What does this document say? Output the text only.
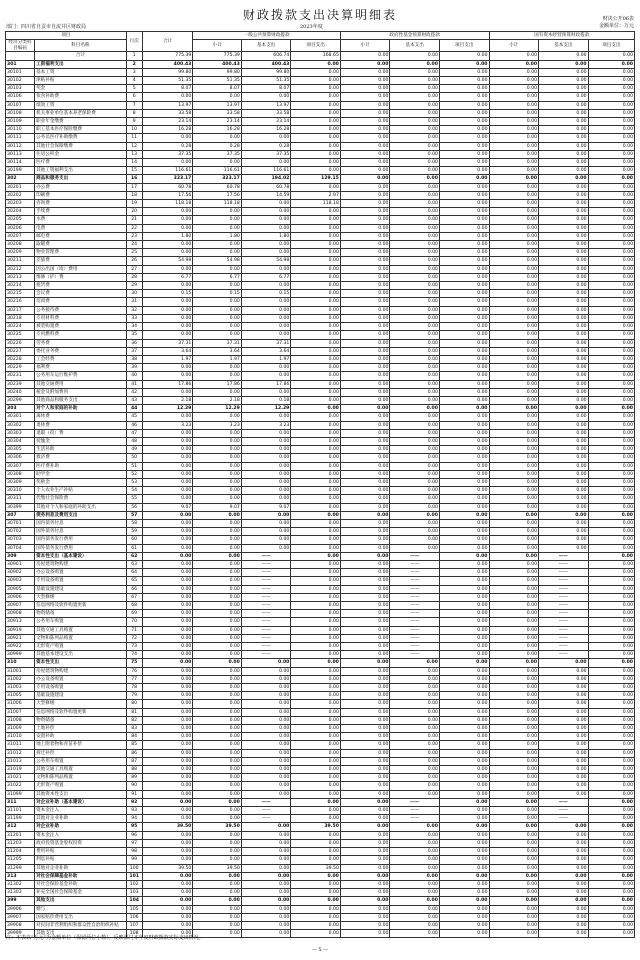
财政拨款支出决算明细表	财决公开06表
金额单位：万元
部门：四川省自贡市自流井区财政局	2023年度
项目		行次	合计	一般公共预算财政拨款			政府性基金预算财政拨款			国有资本经营预算财政拨款		
经济分类科目编码	科目名称			小计	基本支出	项目支出	小计	基本支出	项目支出	小计	基本支出	项目支出

	合计	1	775.39	775.39	606.74	168.65	0.00	0.00	0.00	0.00	0.00	0.00
301	工资福利支出	2	400.43	400.43	400.43	0.00	0.00	0.00	0.00	0.00	0.00	0.00
30101	基本工资	3	99.80	99.80	99.80	0.00	0.00	0.00	0.00	0.00	0.00	0.00
30102	津贴补贴	4	51.35	51.35	51.35	0.00	0.00	0.00	0.00	0.00	0.00	0.00
30103	奖金	5	8.07	8.07	8.07	0.00	0.00	0.00	0.00	0.00	0.00	0.00
30106	伙食补助费	6	0.00	0.00	0.00	0.00	0.00	0.00	0.00	0.00	0.00	0.00
30107	绩效工资	7	13.97	13.97	13.97	0.00	0.00	0.00	0.00	0.00	0.00	0.00
30108	机关事业单位基本养老保险费	8	33.58	33.58	33.58	0.00	0.00	0.00	0.00	0.00	0.00	0.00
30109	职业年金缴费	9	23.14	23.14	23.14	0.00	0.00	0.00	0.00	0.00	0.00	0.00
30110	职工基本医疗保险缴费	10	16.28	16.28	16.28	0.00	0.00	0.00	0.00	0.00	0.00	0.00
30111	公务员医疗补助缴费	11	0.00	0.00	0.00	0.00	0.00	0.00	0.00	0.00	0.00	0.00
30112	其他社会保障缴费	12	0.28	0.28	0.28	0.00	0.00	0.00	0.00	0.00	0.00	0.00
30113	住房公积金	13	37.35	37.35	37.35	0.00	0.00	0.00	0.00	0.00	0.00	0.00
30114	医疗费	14	0.00	0.00	0.00	0.00	0.00	0.00	0.00	0.00	0.00	0.00
30199	其他工资福利支出	15	116.61	116.61	116.61	0.00	0.00	0.00	0.00	0.00	0.00	0.00
302	商品和服务支出	16	323.17	323.17	194.02	129.15	0.00	0.00	0.00	0.00	0.00	0.00
30201	办公费	17	60.78	60.78	60.78	0.00	0.00	0.00	0.00	0.00	0.00	0.00
30202	印刷费	18	17.56	17.56	14.59	2.97	0.00	0.00	0.00	0.00	0.00	0.00
30203	咨询费	19	118.18	118.18	0.00	118.18	0.00	0.00	0.00	0.00	0.00	0.00
30204	手续费	20	0.00	0.00	0.00	0.00	0.00	0.00	0.00	0.00	0.00	0.00
30205	水费	21	0.00	0.00	0.00	0.00	0.00	0.00	0.00	0.00	0.00	0.00
30206	电费	22	0.00	0.00	0.00	0.00	0.00	0.00	0.00	0.00	0.00	0.00
30207	邮电费	23	1.80	1.80	1.80	0.00	0.00	0.00	0.00	0.00	0.00	0.00
30208	取暖费	24	0.00	0.00	0.00	0.00	0.00	0.00	0.00	0.00	0.00	0.00
30209	物业管理费	25	0.00	0.00	0.00	0.00	0.00	0.00	0.00	0.00	0.00	0.00
30211	差旅费	26	54.98	54.98	54.98	0.00	0.00	0.00	0.00	0.00	0.00	0.00
30212	因公出国（境）费用	27	0.00	0.00	0.00	0.00	0.00	0.00	0.00	0.00	0.00	0.00
30213	维修（护）费	28	6.77	6.77	6.77	0.00	0.00	0.00	0.00	0.00	0.00	0.00
30214	租赁费	29	0.00	0.00	0.00	0.00	0.00	0.00	0.00	0.00	0.00	0.00
30215	会议费	30	0.15	0.15	0.15	0.00	0.00	0.00	0.00	0.00	0.00	0.00
30216	培训费	31	0.00	0.00	0.00	0.00	0.00	0.00	0.00	0.00	0.00	0.00
30217	公务接待费	32	0.00	0.00	0.00	0.00	0.00	0.00	0.00	0.00	0.00	0.00
30218	专用材料费	33	0.00	0.00	0.00	0.00	0.00	0.00	0.00	0.00	0.00	0.00
30224	被装购置费	34	0.00	0.00	0.00	0.00	0.00	0.00	0.00	0.00	0.00	0.00
30225	专用燃料费	35	0.00	0.00	0.00	0.00	0.00	0.00	0.00	0.00	0.00	0.00
30226	劳务费	36	37.31	37.31	37.31	0.00	0.00	0.00	0.00	0.00	0.00	0.00
30227	委托业务费	37	3.64	3.64	3.64	0.00	0.00	0.00	0.00	0.00	0.00	0.00
30228	工会经费	38	1.97	1.97	1.97	0.00	0.00	0.00	0.00	0.00	0.00	0.00
30229	福利费	39	0.00	0.00	0.00	0.00	0.00	0.00	0.00	0.00	0.00	0.00
30231	公务用车运行维护费	40	0.00	0.00	0.00	0.00	0.00	0.00	0.00	0.00	0.00	0.00
30239	其他交通费用	41	17.86	17.86	17.86	0.00	0.00	0.00	0.00	0.00	0.00	0.00
30240	税金及附加费用	42	0.00	0.00	0.00	0.00	0.00	0.00	0.00	0.00	0.00	0.00
30299	其他商品和服务支出	43	2.18	2.18	0.18	0.00	0.00	0.00	0.00	0.00	0.00	0.00
303	对个人和家庭的补助	44	12.29	12.29	12.29	0.00	0.00	0.00	0.00	0.00	0.00	0.00
30301	离休费	45	0.00	0.00	0.00	0.00	0.00	0.00	0.00	0.00	0.00	0.00
30302	退休费	46	3.23	3.23	3.23	0.00	0.00	0.00	0.00	0.00	0.00	0.00
30303	退职（役）费	47	0.00	0.00	0.00	0.00	0.00	0.00	0.00	0.00	0.00	0.00
30304	抚恤金	48	0.00	0.00	0.00	0.00	0.00	0.00	0.00	0.00	0.00	0.00
30305	生活补助	49	0.00	0.00	0.00	0.00	0.00	0.00	0.00	0.00	0.00	0.00
30306	救济费	50	0.00	0.00	0.00	0.00	0.00	0.00	0.00	0.00	0.00	0.00
30307	医疗费补助	51	0.00	0.00	0.00	0.00	0.00	0.00	0.00	0.00	0.00	0.00
30308	助学金	52	0.00	0.00	0.00	0.00	0.00	0.00	0.00	0.00	0.00	0.00
30309	奖励金	53	0.00	0.00	0.00	0.00	0.00	0.00	0.00	0.00	0.00	0.00
30310	个人农业生产补贴	54	0.00	0.00	0.00	0.00	0.00	0.00	0.00	0.00	0.00	0.00
30311	代缴社会保险费	55	0.00	0.00	0.00	0.00	0.00	0.00	0.00	0.00	0.00	0.00
30399	其他对个人和家庭的补助支出	56	9.07	9.07	9.07	0.00	0.00	0.00	0.00	0.00	0.00	0.00
307	债务利息及费用支出	57	0.00	0.00	0.00	0.00	0.00	0.00	0.00	0.00	0.00	0.00
30701	国内债务付息	58	0.00	0.00	0.00	0.00	0.00	0.00	0.00	0.00	0.00	0.00
30702	国外债务付息	59	0.00	0.00	0.00	0.00	0.00	0.00	0.00	0.00	0.00	0.00
30703	国内债务发行费用	60	0.00	0.00	0.00	0.00	0.00	0.00	0.00	0.00	0.00	0.00
30704	国外债务发行费用	61	0.00	0.00	0.00	0.00	0.00	0.00	0.00	0.00	0.00	0.00
309	资本性支出（基本建设）	62	0.00	0.00	——	0.00	0.00	——	0.00	0.00	——	0.00
30901	房屋建筑物购建	63	0.00	0.00	——	0.00	0.00	——	0.00	0.00	——	0.00
30902	办公设备购置	64	0.00	0.00	——	0.00	0.00	——	0.00	0.00	——	0.00
30903	专用设备购置	65	0.00	0.00	——	0.00	0.00	——	0.00	0.00	——	0.00
30905	基础设施建设	66	0.00	0.00	——	0.00	0.00	——	0.00	0.00	——	0.00
30906	大型修缮	67	0.00	0.00	——	0.00	0.00	——	0.00	0.00	——	0.00
30907	信息网络及软件购置更新	68	0.00	0.00	——	0.00	0.00	——	0.00	0.00	——	0.00
30908	物资储备	69	0.00	0.00	——	0.00	0.00	——	0.00	0.00	——	0.00
30913	公务用车购置	70	0.00	0.00	——	0.00	0.00	——	0.00	0.00	——	0.00
30919	其他交通工具购置	71	0.00	0.00	——	0.00	0.00	——	0.00	0.00	——	0.00
30921	文物和陈列品购置	72	0.00	0.00	——	0.00	0.00	——	0.00	0.00	——	0.00
30922	无形资产购置	73	0.00	0.00	——	0.00	0.00	——	0.00	0.00	——	0.00
30999	其他基本建设支出	74	0.00	0.00	——	0.00	0.00	——	0.00	0.00	——	0.00
310	资本性支出	75	0.00	0.00	0.00	0.00	0.00	0.00	0.00	0.00	0.00	0.00
31001	房屋建筑物购建	76	0.00	0.00	0.00	0.00	0.00	0.00	0.00	0.00	0.00	0.00
31002	办公设备购置	77	0.00	0.00	0.00	0.00	0.00	0.00	0.00	0.00	0.00	0.00
31003	专用设备购置	78	0.00	0.00	0.00	0.00	0.00	0.00	0.00	0.00	0.00	0.00
31005	基础设施建设	79	0.00	0.00	0.00	0.00	0.00	0.00	0.00	0.00	0.00	0.00
31006	大型修缮	80	0.00	0.00	0.00	0.00	0.00	0.00	0.00	0.00	0.00	0.00
31007	信息网络及软件购置更新	81	0.00	0.00	0.00	0.00	0.00	0.00	0.00	0.00	0.00	0.00
31008	物资储备	82	0.00	0.00	0.00	0.00	0.00	0.00	0.00	0.00	0.00	0.00
31009	土地补偿	83	0.00	0.00	0.00	0.00	0.00	0.00	0.00	0.00	0.00	0.00
31010	安置补助	84	0.00	0.00	0.00	0.00	0.00	0.00	0.00	0.00	0.00	0.00
31011	地上附着物和青苗补偿	85	0.00	0.00	0.00	0.00	0.00	0.00	0.00	0.00	0.00	0.00
31012	拆迁补偿	86	0.00	0.00	0.00	0.00	0.00	0.00	0.00	0.00	0.00	0.00
31013	公务用车购置	87	0.00	0.00	0.00	0.00	0.00	0.00	0.00	0.00	0.00	0.00
31019	其他交通工具购置	88	0.00	0.00	0.00	0.00	0.00	0.00	0.00	0.00	0.00	0.00
31021	文物和陈列品购置	89	0.00	0.00	0.00	0.00	0.00	0.00	0.00	0.00	0.00	0.00
31022	无形资产购置	90	0.00	0.00	0.00	0.00	0.00	0.00	0.00	0.00	0.00	0.00
31099	其他资本性支出	91	0.00	0.00	0.00	0.00	0.00	0.00	0.00	0.00	0.00	0.00
311	对企业补助（基本建设）	92	0.00	0.00	——	0.00	0.00	——	0.00	0.00	——	0.00
31101	资本金注入	93	0.00	0.00	——	0.00	0.00	——	0.00	0.00	——	0.00
31199	其他对企业补助	94	0.00	0.00	——	0.00	0.00	——	0.00	0.00	——	0.00
312	对企业补助	95	39.50	39.50	0.00	39.50	0.00	0.00	0.00	0.00	0.00	0.00
31201	资本金注入	96	0.00	0.00	0.00	0.00	0.00	0.00	0.00	0.00	0.00	0.00
31203	政府投资基金股权投资	97	0.00	0.00	0.00	0.00	0.00	0.00	0.00	0.00	0.00	0.00
31204	费用补贴	98	0.00	0.00	0.00	0.00	0.00	0.00	0.00	0.00	0.00	0.00
31205	利息补贴	99	0.00	0.00	0.00	0.00	0.00	0.00	0.00	0.00	0.00	0.00
31299	其他对企业补助	100	39.50	39.50	0.00	39.50	0.00	0.00	0.00	0.00	0.00	0.00
313	对社会保障基金补助	101	0.00	0.00	0.00	0.00	0.00	0.00	0.00	0.00	0.00	0.00
31302	对社会保险基金补助	102	0.00	0.00	0.00	0.00	0.00	0.00	0.00	0.00	0.00	0.00
31303	补充全国社会保障基金	103	0.00	0.00	0.00	0.00	0.00	0.00	0.00	0.00	0.00	0.00
399	其他支出	104	0.00	0.00	0.00	0.00	0.00	0.00	0.00	0.00	0.00	0.00
39906	赠与	105	0.00	0.00	0.00	0.00	0.00	0.00	0.00	0.00	0.00	0.00
39907	国家赔偿费用支出	106	0.00	0.00	0.00	0.00	0.00	0.00	0.00	0.00	0.00	0.00
39908	对民间非营利组织和群众性自治组织补贴	107	0.00	0.00	0.00	0.00	0.00	0.00	0.00	0.00	0.00	0.00
39999	其他支出	108	0.00	0.00	0.00	0.00	0.00	0.00	0.00	0.00	0.00	0.00
注：本表以“万元”为金额单位（保留两位小数）。反映部门本年度财政拨款实际支出情况。
— 5 —
